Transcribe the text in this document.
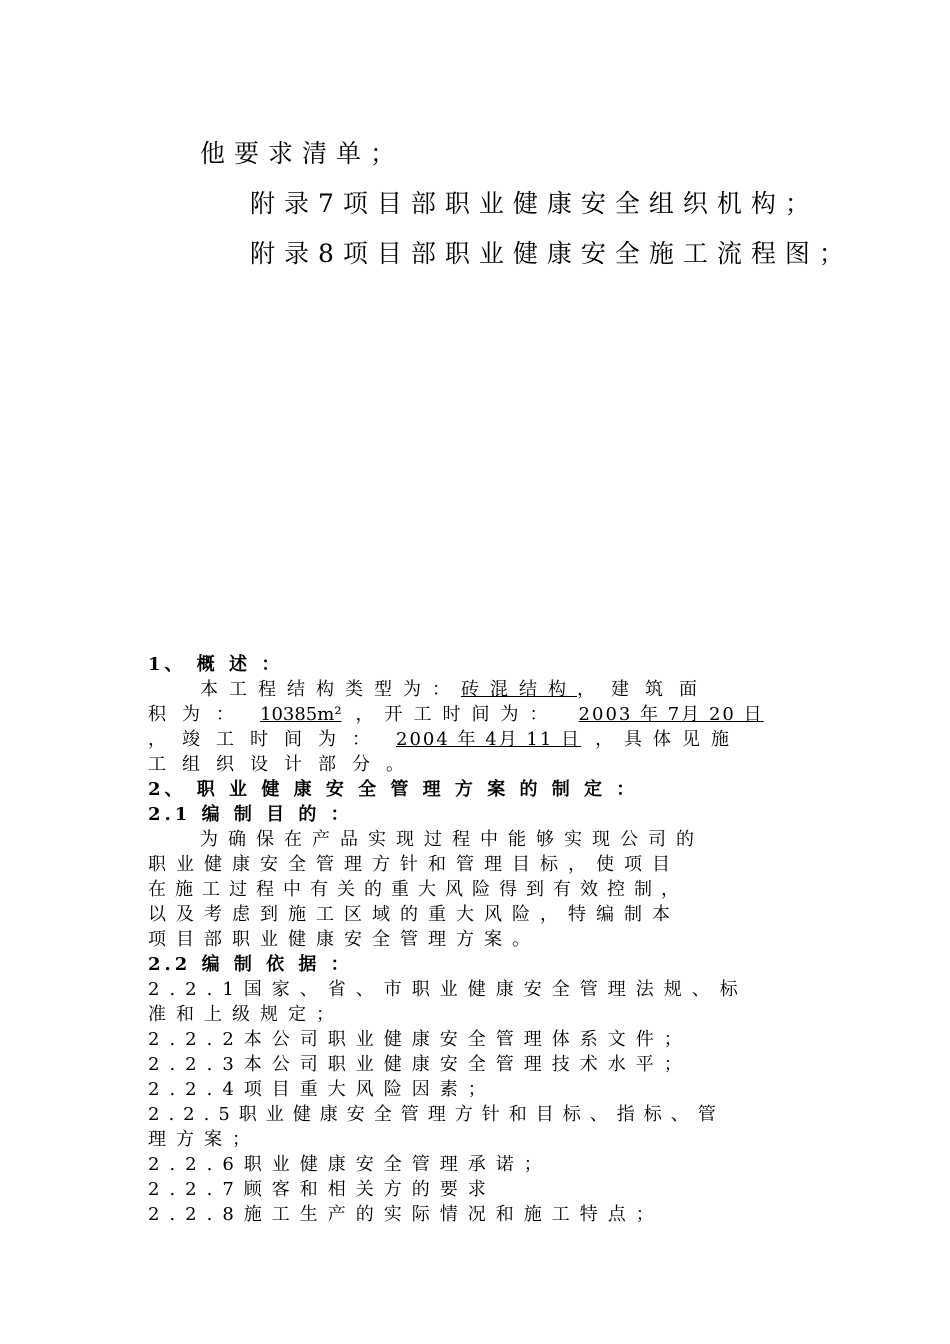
他要求清单；
附录7项目部职业健康安全组织机构；
附录8项目部职业健康安全施工流程图；
1、 概 述 ：
本工程结构类型为：砖混结构，建筑面
积为： 10385m² ，开工时间为： 2003 年 7月 20 日
，竣工时间为： 2004 年 4月 11 日 ，具体见施
工组织设计部分。
2、 职 业 健 康 安 全 管 理 方 案 的 制 定 ：
2.1 编 制 目 的 ：
为确保在产品实现过程中能够实现公司的
职业健康安全管理方针和管理目标，使项目
在施工过程中有关的重大风险得到有效控制，
以及考虑到施工区域的重大风险，特编制本
项目部职业健康安全管理方案。
2.2 编 制 依 据 ：
2.2.1国家、省、市职业健康安全管理法规、标
准和上级规定；
2.2.2本公司职业健康安全管理体系文件；
2.2.3本公司职业健康安全管理技术水平；
2.2.4项目重大风险因素；
2.2.5职业健康安全管理方针和目标、指标、管
理方案；
2.2.6职业健康安全管理承诺；
2.2.7顾客和相关方的要求
2.2.8施工生产的实际情况和施工特点；
